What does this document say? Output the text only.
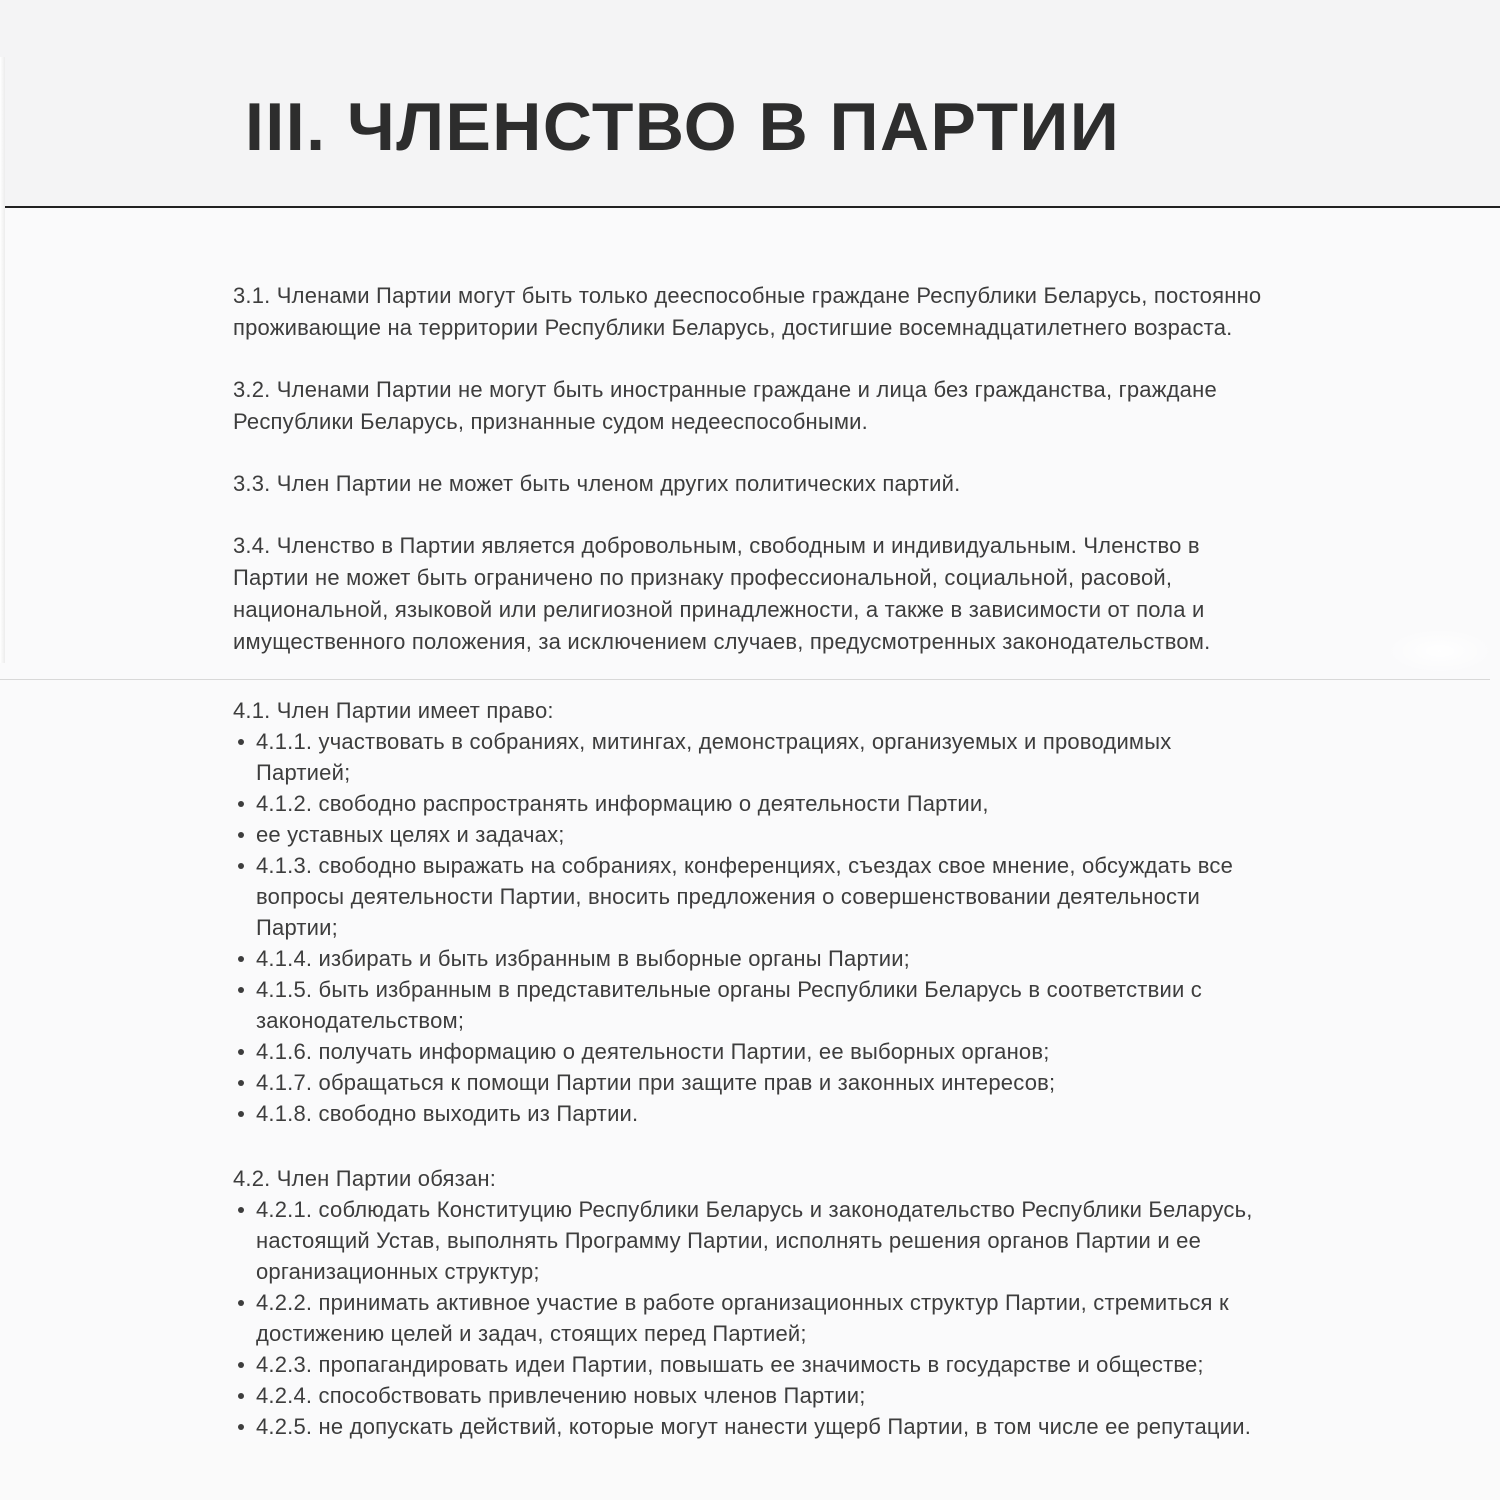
III. ЧЛЕНСТВО В ПАРТИИ

3.1. Членами Партии могут быть только дееспособные граждане Республики Беларусь, постоянно проживающие на территории Республики Беларусь, достигшие восемнадцатилетнего возраста.

3.2. Членами Партии не могут быть иностранные граждане и лица без гражданства, граждане Республики Беларусь, признанные судом недееспособными.

3.3. Член Партии не может быть членом других политических партий.

3.4. Членство в Партии является добровольным, свободным и индивидуальным. Членство в Партии не может быть ограничено по признаку профессиональной, социальной, расовой, национальной, языковой или религиозной принадлежности, а также в зависимости от пола и имущественного положения, за исключением случаев, предусмотренных законодательством.

4.1. Член Партии имеет право:
4.1.1. участвовать в собраниях, митингах, демонстрациях, организуемых и проводимых Партией;
4.1.2. свободно распространять информацию о деятельности Партии,
ее уставных целях и задачах;
4.1.3. свободно выражать на собраниях, конференциях, съездах свое мнение, обсуждать все вопросы деятельности Партии, вносить предложения о совершенствовании деятельности Партии;
4.1.4. избирать и быть избранным в выборные органы Партии;
4.1.5. быть избранным в представительные органы Республики Беларусь в соответствии с законодательством;
4.1.6. получать информацию о деятельности Партии, ее выборных органов;
4.1.7. обращаться к помощи Партии при защите прав и законных интересов;
4.1.8. свободно выходить из Партии.
4.2. Член Партии обязан:
4.2.1. соблюдать Конституцию Республики Беларусь и законодательство Республики Беларусь, настоящий Устав, выполнять Программу Партии, исполнять решения органов Партии и ее организационных структур;
4.2.2. принимать активное участие в работе организационных структур Партии, стремиться к достижению целей и задач, стоящих перед Партией;
4.2.3. пропагандировать идеи Партии, повышать ее значимость в государстве и обществе;
4.2.4. способствовать привлечению новых членов Партии;
4.2.5. не допускать действий, которые могут нанести ущерб Партии, в том числе ее репутации.
